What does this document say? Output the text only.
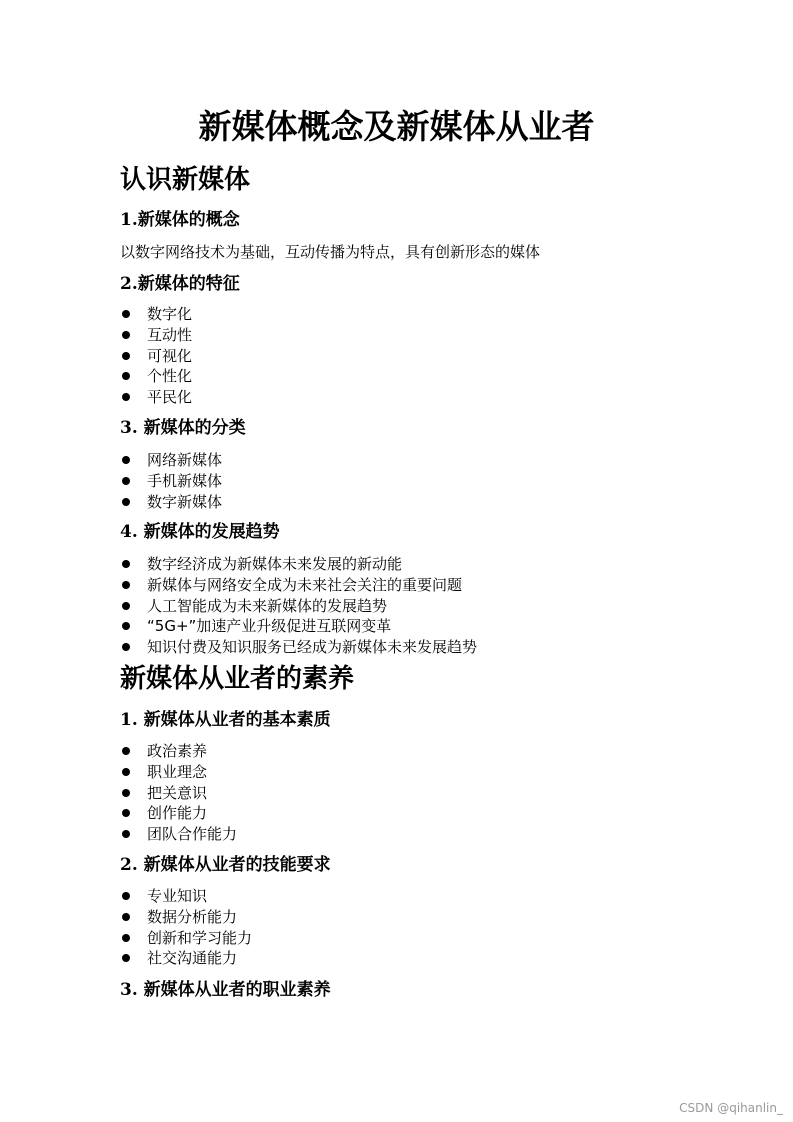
新媒体概念及新媒体从业者
认识新媒体
1.新媒体的概念
以数字网络技术为基础，互动传播为特点，具有创新形态的媒体
2.新媒体的特征
数字化
互动性
可视化
个性化
平民化
3. 新媒体的分类
网络新媒体
手机新媒体
数字新媒体
4. 新媒体的发展趋势
数字经济成为新媒体未来发展的新动能
新媒体与网络安全成为未来社会关注的重要问题
人工智能成为未来新媒体的发展趋势
“5G+”加速产业升级促进互联网变革
知识付费及知识服务已经成为新媒体未来发展趋势
新媒体从业者的素养
1. 新媒体从业者的基本素质
政治素养
职业理念
把关意识
创作能力
团队合作能力
2. 新媒体从业者的技能要求
专业知识
数据分析能力
创新和学习能力
社交沟通能力
3. 新媒体从业者的职业素养
CSDN @qihanlin_
